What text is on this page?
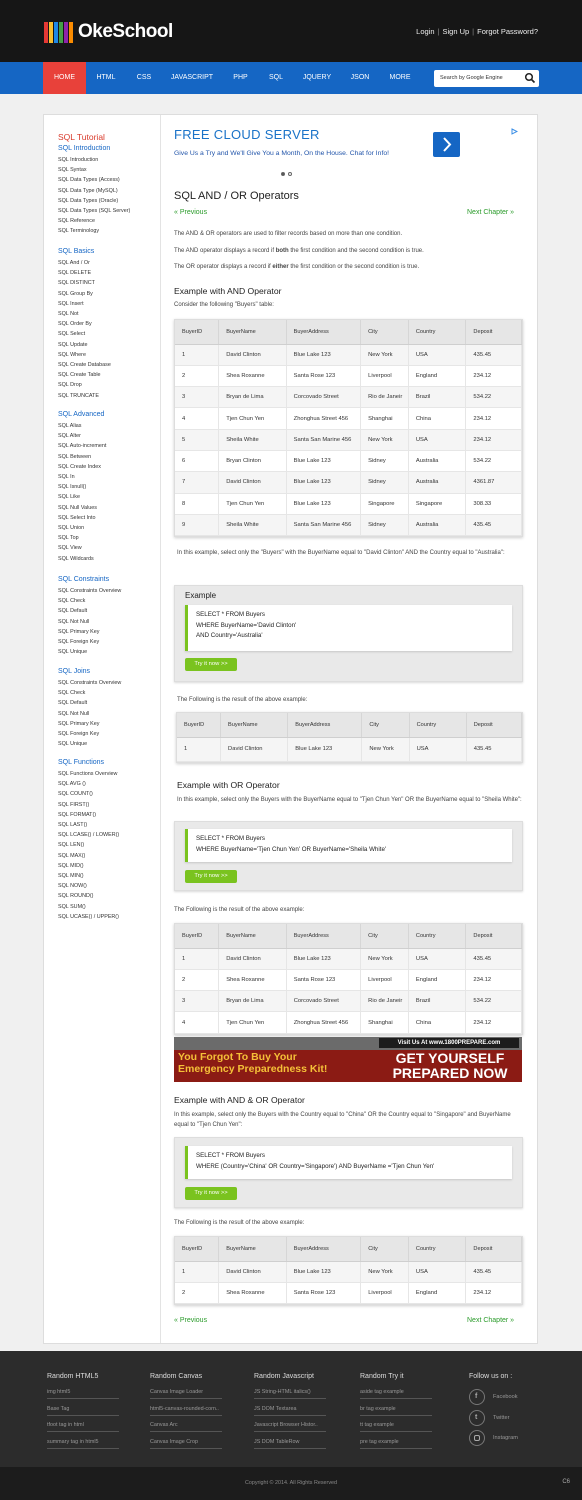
OkeSchool	Login | Sign Up | Forgot Password?
HOME	HTML	CSS	JAVASCRIPT	PHP	SQL	JQUERY	JSON	MORE	Search by Google Engine
SQL Tutorial
SQL Introduction
SQL Introduction
SQL Syntax
SQL Data Types (Access)
SQL Data Type (MySQL)
SQL Data Types (Oracle)
SQL Data Types (SQL Server)
SQL Reference
SQL Terminology
SQL Basics
SQL And / Or
SQL DELETE
SQL DISTINCT
SQL Group By
SQL Insert
SQL Not
SQL Order By
SQL Select
SQL Update
SQL Where
SQL Create Database
SQL Create Table
SQL Drop
SQL TRUNCATE
SQL Advanced
SQL Alias
SQL Alter
SQL Auto-increment
SQL Between
SQL Create Index
SQL In
SQL Isnull()
SQL Like
SQL Null Values
SQL Select Into
SQL Union
SQL Top
SQL View
SQL Wildcards
SQL Constraints
SQL Constraints Overview
SQL Check
SQL Default
SQL Not Null
SQL Primary Key
SQL Foreign Key
SQL Unique
SQL Joins
SQL Constraints Overview
SQL Check
SQL Default
SQL Not Null
SQL Primary Key
SQL Foreign Key
SQL Unique
SQL Functions
SQL Functions Overview
SQL AVG ()
SQL COUNT()
SQL FIRST()
SQL FORMAT()
SQL LAST()
SQL LCASE() / LOWER()
SQL LEN()
SQL MAX()
SQL MID()
SQL MIN()
SQL NOW()
SQL ROUND()
SQL SUM()
SQL UCASE() / UPPER()
FREE CLOUD SERVER
Give Us a Try and We'll Give You a Month, On the House. Chat for Info!
SQL AND / OR Operators
« Previous	Next Chapter »
The AND & OR operators are used to filter records based on more than one condition.
The AND operator displays a record if both the first condition and the second condition is true.
The OR operator displays a record if either the first condition or the second condition is true.
Example with AND Operator
Consider the following "Buyers" table:
BuyerID	BuyerName	BuyerAddress	City	Country	Deposit
1	David Clinton	Blue Lake 123	New York	USA	435.45
2	Shea Roxanne	Santa Rose 123	Liverpool	England	234.12
3	Bryan de Lima	Corcovado Street	Rio de Janeir	Brazil	534.22
4	Tjen Chun Yen	Zhonghua Street 456	Shanghai	China	234.12
5	Sheila White	Santa San Marine 456	New York	USA	234.12
6	Bryan Clinton	Blue Lake 123	Sidney	Australia	534.22
7	David Clinton	Blue Lake 123	Sidney	Australia	4361.87
8	Tjen Chun Yen	Blue Lake 123	Singapore	Singapore	308.33
9	Sheila White	Santa San Marine 456	Sidney	Australia	435.45
In this example, select only the "Buyers" with the BuyerName equal to "David Clinton" AND the Country equal to "Australia":
Example
SELECT * FROM Buyers
WHERE BuyerName='David Clinton'
AND Country='Australia'
Try it now >>
The Following is the result of the above example:
BuyerID	BuyerName	BuyerAddress	City	Country	Deposit
1	David Clinton	Blue Lake 123	New York	USA	435.45
Example with OR Operator
In this example, select only the Buyers with the BuyerName equal to "Tjen Chun Yen" OR the BuyerName equal to "Sheila White":
SELECT * FROM Buyers
WHERE BuyerName='Tjen Chun Yen' OR BuyerName='Sheila White'
Try it now >>
The Following is the result of the above example:
BuyerID	BuyerName	BuyerAddress	City	Country	Deposit
1	David Clinton	Blue Lake 123	New York	USA	435.45
2	Shea Roxanne	Santa Rose 123	Liverpool	England	234.12
3	Bryan de Lima	Corcovado Street	Rio de Janeir	Brazil	534.22
4	Tjen Chun Yen	Zhonghua Street 456	Shanghai	China	234.12
Visit Us At www.1800PREPARE.com
You Forgot To Buy Your
Emergency Preparedness Kit!
GET YOURSELF
PREPARED NOW
Example with AND & OR Operator
In this example, select only the Buyers with the Country equal to "China" OR the Country equal to "Singapore" and BuyerName equal to "Tjen Chun Yen":
SELECT * FROM Buyers
WHERE (Country='China' OR Country='Singapore') AND BuyerName ='Tjen Chun Yen'
Try it now >>
The Following is the result of the above example:
BuyerID	BuyerName	BuyerAddress	City	Country	Deposit
1	David Clinton	Blue Lake 123	New York	USA	435.45
2	Shea Roxanne	Santa Rose 123	Liverpool	England	234.12
« Previous	Next Chapter »
Random HTML5
img html5
Base Tag
tfoot tag in html
summary tag in html5
Random Canvas
Canvas Image Loader
html5-canvas-rounded-corn..
Canvas Arc
Canvas Image Crop
Random Javascript
JS String-HTML italics()
JS DOM Textarea
Javascript Browser Histor..
JS DOM TableRow
Random Try it
aside tag example
br tag example
tt tag example
pre tag example
Follow us on :
f	Facebook
t	Twitter
Instagram
Copyright © 2014. All Rights Reserved	C6
